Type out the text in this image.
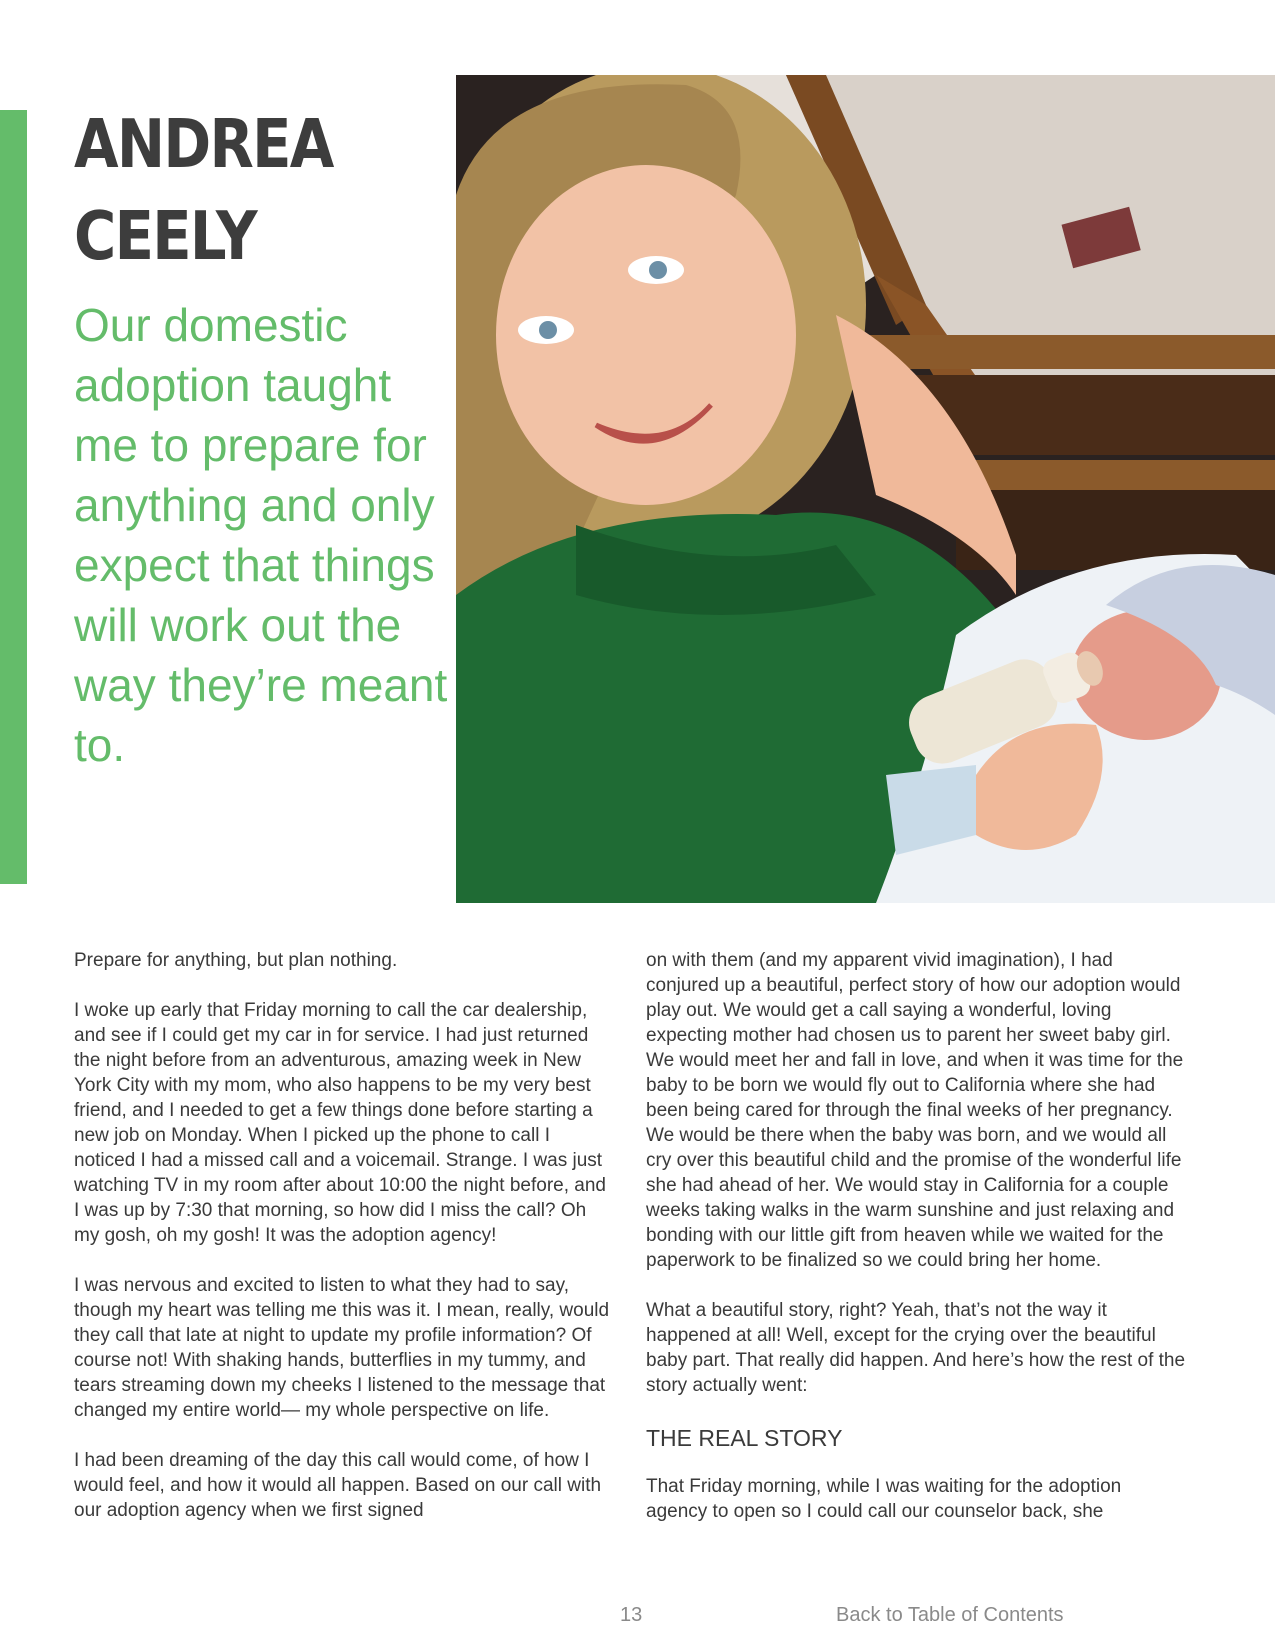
ANDREA
CEELY

Our domestic adoption taught me to prepare for anything and only expect that things will work out the way they’re meant to.

Prepare for anything, but plan nothing.

I woke up early that Friday morning to call the car dealership, and see if I could get my car in for service. I had just returned the night before from an adventurous, amazing week in New York City with my mom, who also happens to be my very best friend, and I needed to get a few things done before starting a new job on Monday. When I picked up the phone to call I noticed I had a missed call and a voicemail. Strange. I was just watching TV in my room after about 10:00 the night before, and I was up by 7:30 that morning, so how did I miss the call? Oh my gosh, oh my gosh! It was the adoption agency!

I was nervous and excited to listen to what they had to say, though my heart was telling me this was it. I mean, really, would they call that late at night to update my profile information? Of course not! With shaking hands, butterflies in my tummy, and tears streaming down my cheeks I listened to the message that changed my entire world— my whole perspective on life.

I had been dreaming of the day this call would come, of how I would feel, and how it would all happen. Based on our call with our adoption agency when we first signed

on with them (and my apparent vivid imagination), I had conjured up a beautiful, perfect story of how our adoption would play out. We would get a call saying a wonderful, loving expecting mother had chosen us to parent her sweet baby girl. We would meet her and fall in love, and when it was time for the baby to be born we would fly out to California where she had been being cared for through the final weeks of her pregnancy. We would be there when the baby was born, and we would all cry over this beautiful child and the promise of the wonderful life she had ahead of her. We would stay in California for a couple weeks taking walks in the warm sunshine and just relaxing and bonding with our little gift from heaven while we waited for the paperwork to be finalized so we could bring her home.

What a beautiful story, right? Yeah, that’s not the way it happened at all! Well, except for the crying over the beautiful baby part. That really did happen. And here’s how the rest of the story actually went:

THE REAL STORY

That Friday morning, while I was waiting for the adoption agency to open so I could call our counselor back, she

13	Back to Table of Contents
